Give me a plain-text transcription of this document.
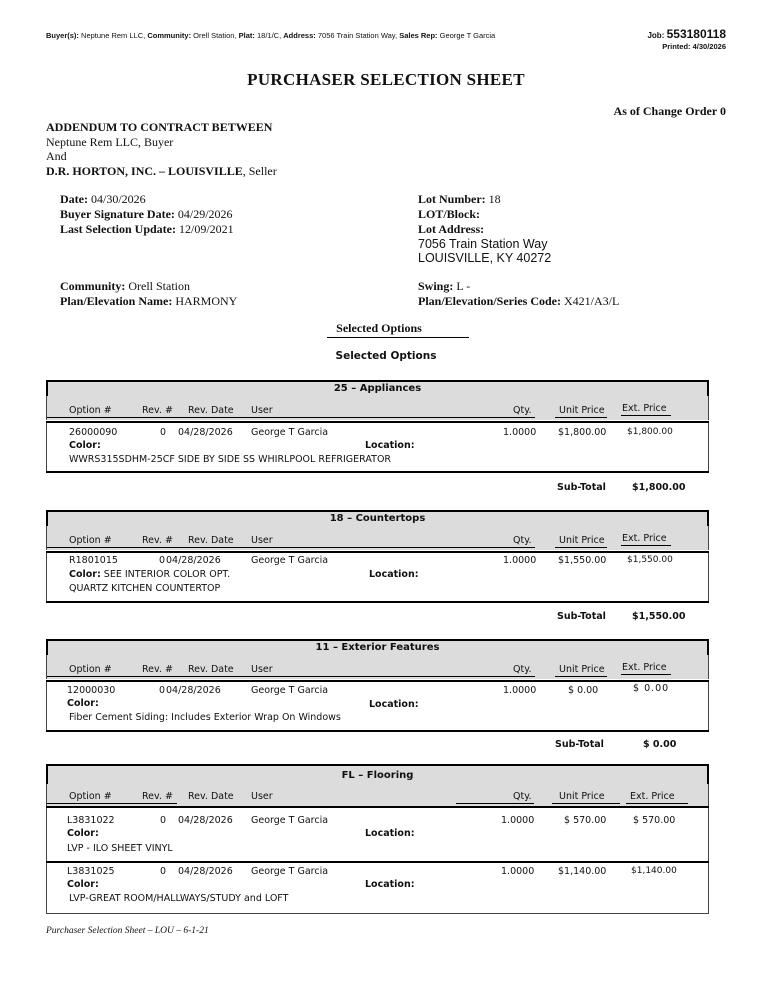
Buyer(s): Neptune Rem LLC, Community: Orell Station, Plat: 18/1/C, Address: 7056 Train Station Way, Sales Rep: George T Garcia	Job: 553180118
Printed: 4/30/2026
PURCHASER SELECTION SHEET
As of Change Order 0
ADDENDUM TO CONTRACT BETWEEN
Neptune Rem LLC, Buyer
And
D.R. HORTON, INC. – LOUISVILLE, Seller
Date: 04/30/2026
Buyer Signature Date: 04/29/2026
Last Selection Update: 12/09/2021
Community: Orell Station
Plan/Elevation Name: HARMONY
Lot Number: 18
LOT/Block:
Lot Address:
7056 Train Station Way
LOUISVILLE, KY 40272
Swing: L -
Plan/Elevation/Series Code: X421/A3/L
Selected Options
Selected Options
25 – Appliances
Option #	Rev. # Rev. Date User	Qty.	Unit Price Ext. Price
26000090	0 04/28/2026 George T Garcia	1.0000 $1,800.00 $1,800.00
Color:	Location:
WWRS315SDHM-25CF SIDE BY SIDE SS WHIRLPOOL REFRIGERATOR
Sub-Total	$1,800.00
18 – Countertops
Option #	Rev. # Rev. Date User	Qty.	Unit Price Ext. Price
R1801015	0 04/28/2026	George T Garcia	1.0000 $1,550.00 $1,550.00
Color: SEE INTERIOR COLOR OPT.	Location:
QUARTZ KITCHEN COUNTERTOP
Sub-Total	$1,550.00
11 – Exterior Features
Option #	Rev. # Rev. Date User	Qty.	Unit Price Ext. Price
12000030	0 04/28/2026	George T Garcia	1.0000	$ 0.00	$ 0.00
Color:	Location:
Fiber Cement Siding: Includes Exterior Wrap On Windows
Sub-Total	$ 0.00
FL – Flooring
Option #	Rev. # Rev. Date User	Qty.	Unit Price	Ext. Price
L3831022	0 04/28/2026 George T Garcia	1.0000	$ 570.00	$ 570.00
Color:	Location:
LVP - ILO SHEET VINYL
L3831025	0 04/28/2026 George T Garcia	1.0000	$1,140.00	$1,140.00
Color:	Location:
LVP-GREAT ROOM/HALLWAYS/STUDY and LOFT
Purchaser Selection Sheet – LOU – 6-1-21
